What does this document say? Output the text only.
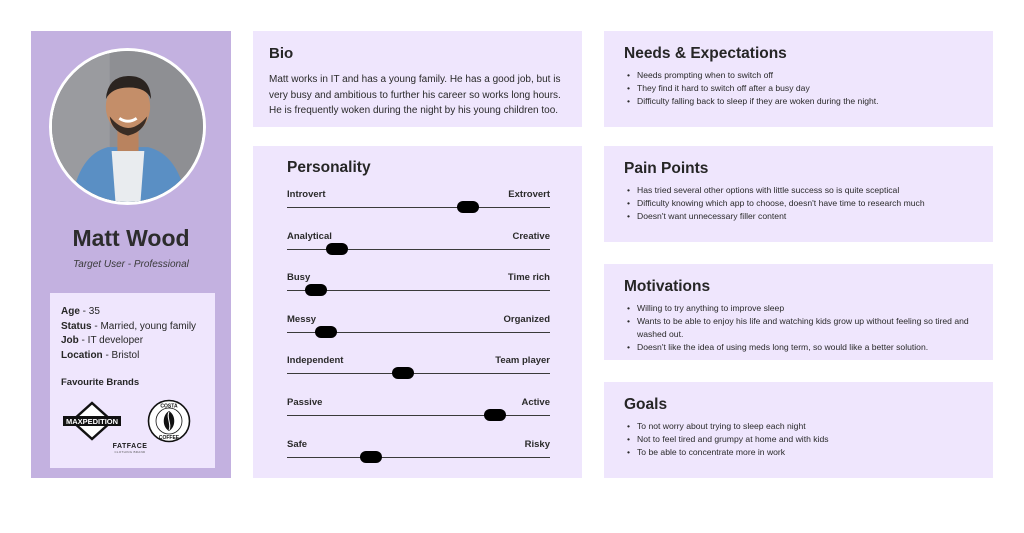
Matt Wood
Target User - Professional
Age - 35
Status - Married, young family
Job - IT developer
Location - Bristol
Favourite Brands
MAXPEDITION
COSTA
COFFEE
FATFACE
CLOTHING BRAND
Bio
Matt works in IT and has a young family. He has a good job, but is very busy and ambitious to further his career so works long hours. He is frequently woken during the night by his young children too.
Personality
Introvert	Extrovert
Analytical	Creative
Busy	Time rich
Messy	Organized
Independent	Team player
Passive	Active
Safe	Risky
Needs & Expectations
• Needs prompting when to switch off
• They find it hard to switch off after a busy day
• Difficulty falling back to sleep if they are woken during the night.
Pain Points
• Has tried several other options with little success so is quite sceptical
• Difficulty knowing which app to choose, doesn't have time to research much
• Doesn't want unnecessary filler content
Motivations
• Willing to try anything to improve sleep
• Wants to be able to enjoy his life and watching kids grow up without feeling so tired and washed out.
• Doesn't like the idea of using meds long term, so would like a better solution.
Goals
• To not worry about trying to sleep each night
• Not to feel tired and grumpy at home and with kids
• To be able to concentrate more in work
